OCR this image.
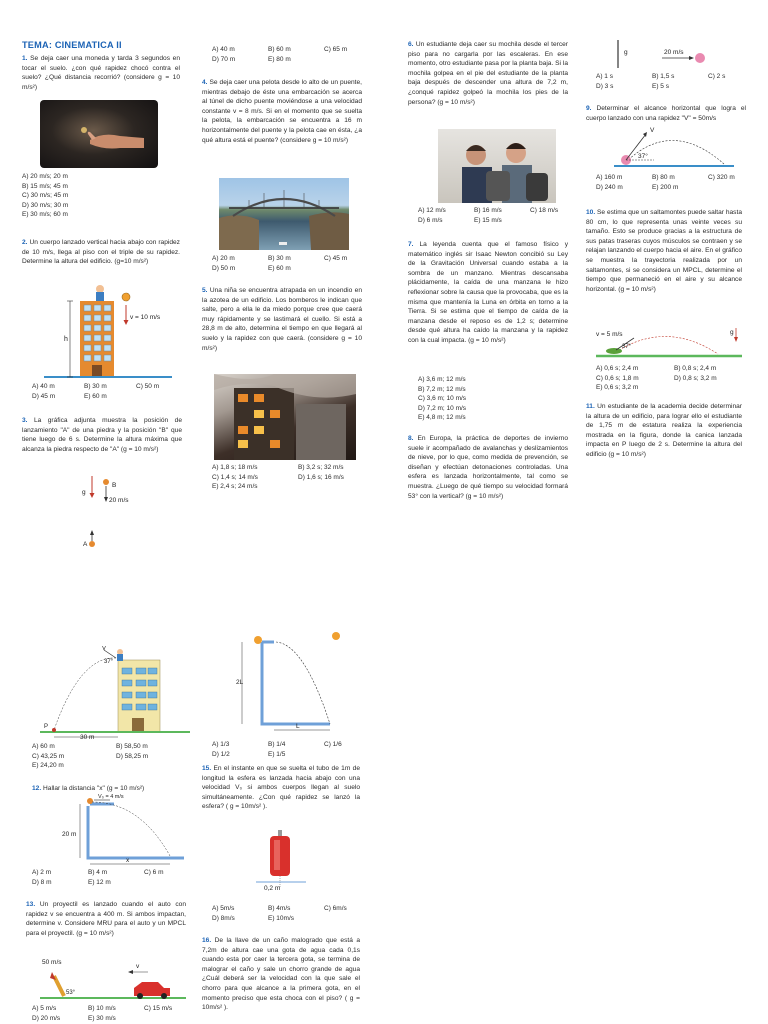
TEMA: CINEMATICA II
1. Se deja caer una moneda y tarda 3 segundos en tocar el suelo. ¿con qué rapidez chocó contra el suelo? ¿Qué distancia recorrió? (considere g = 10 m/s²)
A) 20 m/s; 20 m
B) 15 m/s; 45 m
C) 30 m/s; 45 m
D) 30 m/s; 30 m
E) 30 m/s; 60 m
2. Un cuerpo lanzado vertical hacia abajo con rapidez de 10 m/s, llega al piso con el triple de su rapidez. Determine la altura del edificio. (g=10 m/s²)
h
v = 10 m/s
A) 40 m	B) 30 m	C) 50 m
D) 45 m	E) 60 m
3. La gráfica adjunta muestra la posición de lanzamiento "A" de una piedra y la posición "B" que tiene luego de 6 s. Determine la altura máxima que alcanza la piedra respecto de "A" (g = 10 m/s²)
g
B
20 m/s
A
A) 40 m	B) 60 m	C) 65 m
D) 70 m	E) 80 m
4. Se deja caer una pelota desde lo alto de un puente, mientras debajo de éste una embarcación se acerca al túnel de dicho puente moviéndose a una velocidad constante v = 8 m/s. Si en el momento que se suelta la pelota, la embarcación se encuentra a 16 m horizontalmente del puente y la pelota cae en ésta, ¿a qué altura está el puente? (considere g = 10 m/s²)
A) 20 m	B) 30 m	C) 45 m
D) 50 m	E) 60 m
5. Una niña se encuentra atrapada en un incendio en la azotea de un edificio. Los bomberos le indican que salte, pero a ella le da miedo porque cree que caerá muy rápidamente y se lastimará el cuello. Si está a 28,8 m de alto, determina el tiempo en que llegará al suelo y la rapidez con que caerá. (considere g = 10 m/s²)
A) 1,8 s; 18 m/s	B) 3,2 s; 32 m/s
C) 1,4 s; 14 m/s	D) 1,6 s; 16 m/s
E) 2,4 s; 24 m/s
6. Un estudiante deja caer su mochila desde el tercer piso para no cargarla por las escaleras. En ese momento, otro estudiante pasa por la planta baja. Si la mochila golpea en el pie del estudiante de la planta baja después de descender una altura de 7,2 m, ¿conqué rapidez golpeó la mochila los pies de la persona? (g = 10 m/s²)
A) 12 m/s	B) 16 m/s	C) 18 m/s
D) 6 m/s	E) 15 m/s
7. La leyenda cuenta que el famoso físico y matemático inglés sir Isaac Newton concibió su Ley de la Gravitación Universal cuando estaba a la sombra de un manzano. Mientras descansaba plácidamente, la caída de una manzana le hizo reflexionar sobre la causa que la provocaba, que es la misma que mantenía la Luna en órbita en torno a la Tierra. Si se estima que el tiempo de caída de la manzana desde el reposo es de 1,2 s; determine desde qué altura ha caído la manzana y la rapidez con la cual impacta. (g = 10 m/s²)
A) 3,6 m; 12 m/s
B) 7,2 m; 12 m/s
C) 3,6 m; 10 m/s
D) 7,2 m; 10 m/s
E) 4,8 m; 12 m/s
8. En Europa, la práctica de deportes de invierno suele ir acompañado de avalanchas y deslizamientos de nieve, por lo que, como medida de prevención, se diseñan y efectúan detonaciones controladas. Una esfera es lanzada horizontalmente, tal como se muestra. ¿Luego de qué tiempo su velocidad formará 53° con la vertical? (g = 10 m/s²)
g	20 m/s
A) 1 s	B) 1,5 s	C) 2 s
D) 3 s	E) 5 s
9. Determinar el alcance horizontal que logra el cuerpo lanzado con una rapidez "V" = 50m/s
V
37°
A) 160 m	B) 80 m	C) 320 m
D) 240 m	E) 200 m
10. Se estima que un saltamontes puede saltar hasta 80 cm, lo que representa unas veinte veces su tamaño. Esto se produce gracias a la estructura de sus patas traseras cuyos músculos se contraen y se relajan lanzando el cuerpo hacia el aire. En el gráfico se muestra la trayectoria realizada por un saltamontes, si se considera un MPCL, determine el tiempo que permaneció en el aire y su alcance horizontal. (g = 10 m/s²)
v = 5 m/s
37°
g
A) 0,6 s; 2,4 m	B) 0,8 s; 2,4 m
C) 0,6 s; 1,8 m	D) 0,8 s; 3,2 m
E) 0,6 s; 3,2 m
11. Un estudiante de la academia decide determinar la altura de un edificio, para lograr ello el estudiante de 1,75 m de estatura realiza la experiencia mostrada en la figura, donde la canica lanzada impacta en P luego de 2 s. Determine la altura del edificio (g = 10 m/s²)
V
37°
P
30 m
A) 60 m	B) 58,50 m
C) 43,25 m	D) 58,25 m
E) 24,20 m
12. Hallar la distancia "x" (g = 10 m/s²)
V₀ = 4 m/s
20 m
x
A) 2 m	B) 4 m	C) 6 m
D) 8 m	E) 12 m
13. Un proyectil es lanzado cuando el auto con rapidez v se encuentra a 400 m. Si ambos impactan, determine v. Considere MRU para el auto y un MPCL para el proyectil. (g = 10 m/s²)
50 m/s
53°
v
A) 5 m/s	B) 10 m/s	C) 15 m/s
D) 20 m/s	E) 30 m/s
2L
L
A) 1/3	B) 1/4	C) 1/6
D) 1/2	E) 1/5
15. En el instante en que se suelta el tubo de 1m de longitud la esfera es lanzada hacia abajo con una velocidad V₀ si ambos cuerpos llegan al suelo simultáneamente. ¿Con qué rapidez se lanzó la esfera? ( g = 10m/s² ).
0,2 m
A) 5m/s	B) 4m/s	C) 6m/s
D) 8m/s	E) 10m/s
16. De la llave de un caño malogrado que está a 7,2m de altura cae una gota de agua cada 0,1s cuando esta por caer la tercera gota, se termina de malograr el caño y sale un chorro grande de agua ¿Cuál deberá ser la velocidad con la que sale el chorro para que alcance a la primera gota, en el momento preciso que esta choca con el piso? ( g = 10m/s² ).
